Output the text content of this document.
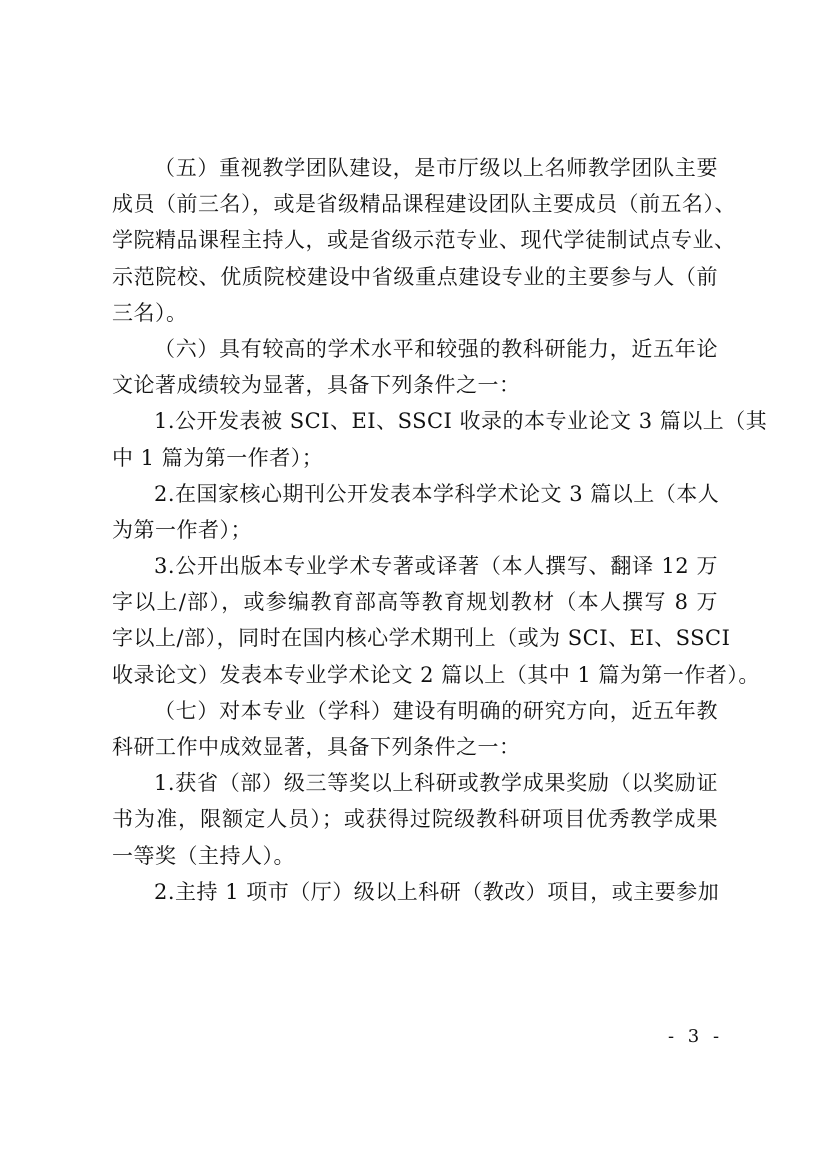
（五）重视教学团队建设，是市厅级以上名师教学团队主要
成员（前三名），或是省级精品课程建设团队主要成员（前五名）、
学院精品课程主持人，或是省级示范专业、现代学徒制试点专业、
示范院校、优质院校建设中省级重点建设专业的主要参与人（前
三名）。
（六）具有较高的学术水平和较强的教科研能力，近五年论
文论著成绩较为显著，具备下列条件之一：
1.公开发表被 SCI、EI、SSCI 收录的本专业论文 3 篇以上（其
中 1 篇为第一作者）；
2.在国家核心期刊公开发表本学科学术论文 3 篇以上（本人
为第一作者）；
3.公开出版本专业学术专著或译著（本人撰写、翻译 12 万
字以上/部），或参编教育部高等教育规划教材（本人撰写 8 万
字以上/部），同时在国内核心学术期刊上（或为 SCI、EI、SSCI
收录论文）发表本专业学术论文 2 篇以上（其中 1 篇为第一作者）。
（七）对本专业（学科）建设有明确的研究方向，近五年教
科研工作中成效显著，具备下列条件之一：
1.获省（部）级三等奖以上科研或教学成果奖励（以奖励证
书为准，限额定人员）；或获得过院级教科研项目优秀教学成果
一等奖（主持人）。
2.主持 1 项市（厅）级以上科研（教改）项目，或主要参加
- 3 -
